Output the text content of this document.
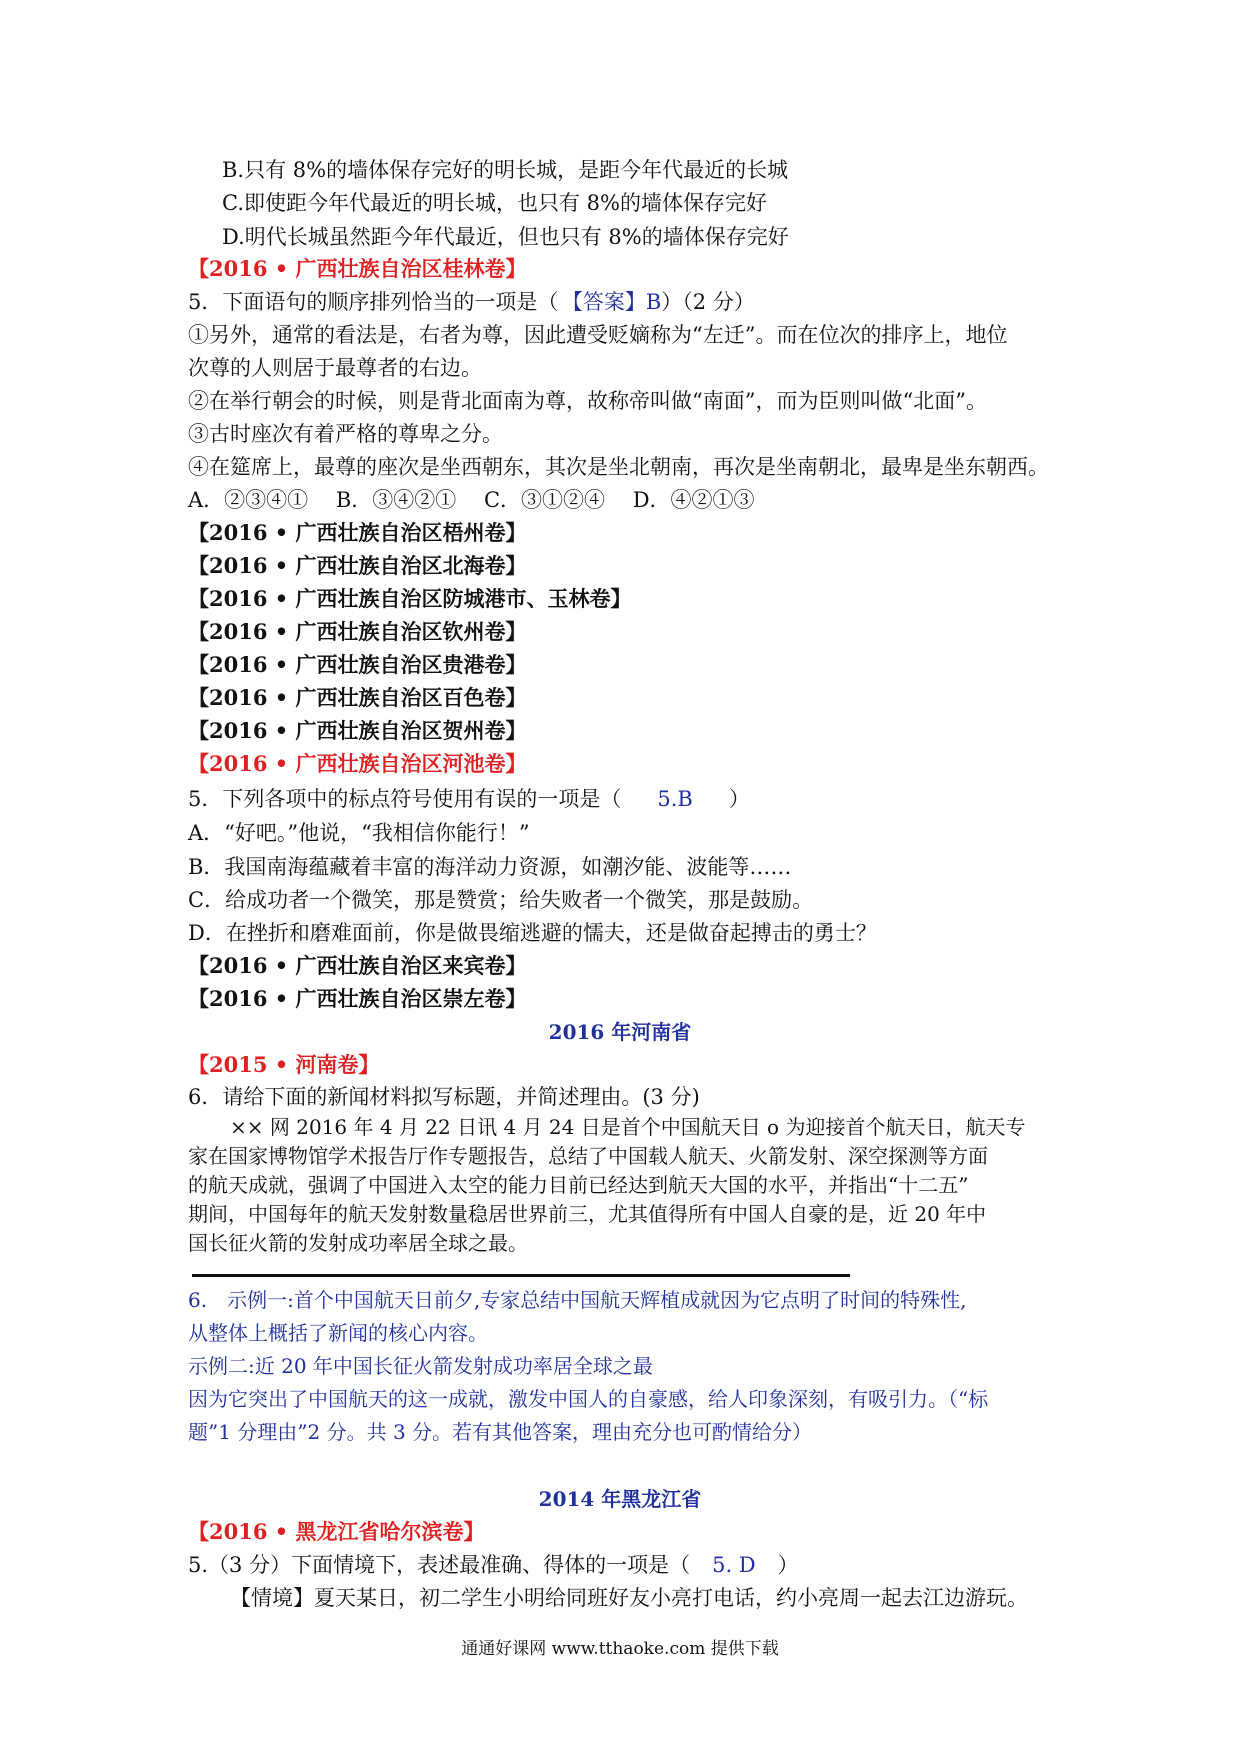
B.只有 8%的墙体保存完好的明长城，是距今年代最近的长城
C.即使距今年代最近的明长城，也只有 8%的墙体保存完好
D.明代长城虽然距今年代最近，但也只有 8%的墙体保存完好
【2016 • 广西壮族自治区桂林卷】
5．下面语句的顺序排列恰当的一项是（ 【答案】B）（2 分）
①另外，通常的看法是，右者为尊，因此遭受贬嫡称为“左迁”。而在位次的排序上，地位
次尊的人则居于最尊者的右边。
②在举行朝会的时候，则是背北面南为尊，故称帝叫做“南面”，而为臣则叫做“北面”。
③古时座次有着严格的尊卑之分。
④在筵席上，最尊的座次是坐西朝东，其次是坐北朝南，再次是坐南朝北，最卑是坐东朝西。
A．②③④①　 B．③④②①　 C．③①②④　 D．④②①③
【2016 • 广西壮族自治区梧州卷】
【2016 • 广西壮族自治区北海卷】
【2016 • 广西壮族自治区防城港市、玉林卷】
【2016 • 广西壮族自治区钦州卷】
【2016 • 广西壮族自治区贵港卷】
【2016 • 广西壮族自治区百色卷】
【2016 • 广西壮族自治区贺州卷】
【2016 • 广西壮族自治区河池卷】
5．下列各项中的标点符号使用有误的一项是（ 5.B ）
A．“好吧。”他说，“我相信你能行！”
B．我国南海蕴藏着丰富的海洋动力资源，如潮汐能、波能等……
C．给成功者一个微笑，那是赞赏；给失败者一个微笑，那是鼓励。
D．在挫折和磨难面前，你是做畏缩逃避的懦夫，还是做奋起搏击的勇士？
【2016 • 广西壮族自治区来宾卷】
【2016 • 广西壮族自治区崇左卷】
2016 年河南省
【2015 • 河南卷】
6．请给下面的新闻材料拟写标题，并简述理由。(3 分)
×× 网 2016 年 4 月 22 日讯 4 月 24 日是首个中国航天日 o 为迎接首个航天日，航天专
家在国家博物馆学术报告厅作专题报告，总结了中国载人航天、火箭发射、深空探测等方面
的航天成就，强调了中国进入太空的能力目前已经达到航天大国的水平，并指出“十二五”
期间，中国每年的航天发射数量稳居世界前三，尤其值得所有中国人自豪的是，近 20 年中
国长征火箭的发射成功率居全球之最。
6.　示例一:首个中国航天日前夕,专家总结中国航天辉植成就因为它点明了时间的特殊性,
从整体上概括了新闻的核心内容。
示例二:近 20 年中国长征火箭发射成功率居全球之最
因为它突出了中国航天的这一成就，激发中国人的自豪感，给人印象深刻，有吸引力。（“标
题”1 分理由”2 分。共 3 分。若有其他答案，理由充分也可酌情给分）
2014 年黑龙江省
【2016 • 黑龙江省哈尔滨卷】
5.（3 分）下面情境下，表述最准确、得体的一项是（ 5. D ）
【情境】夏天某日，初二学生小明给同班好友小亮打电话，约小亮周一起去江边游玩。
通通好课网 www.tthaoke.com 提供下载
